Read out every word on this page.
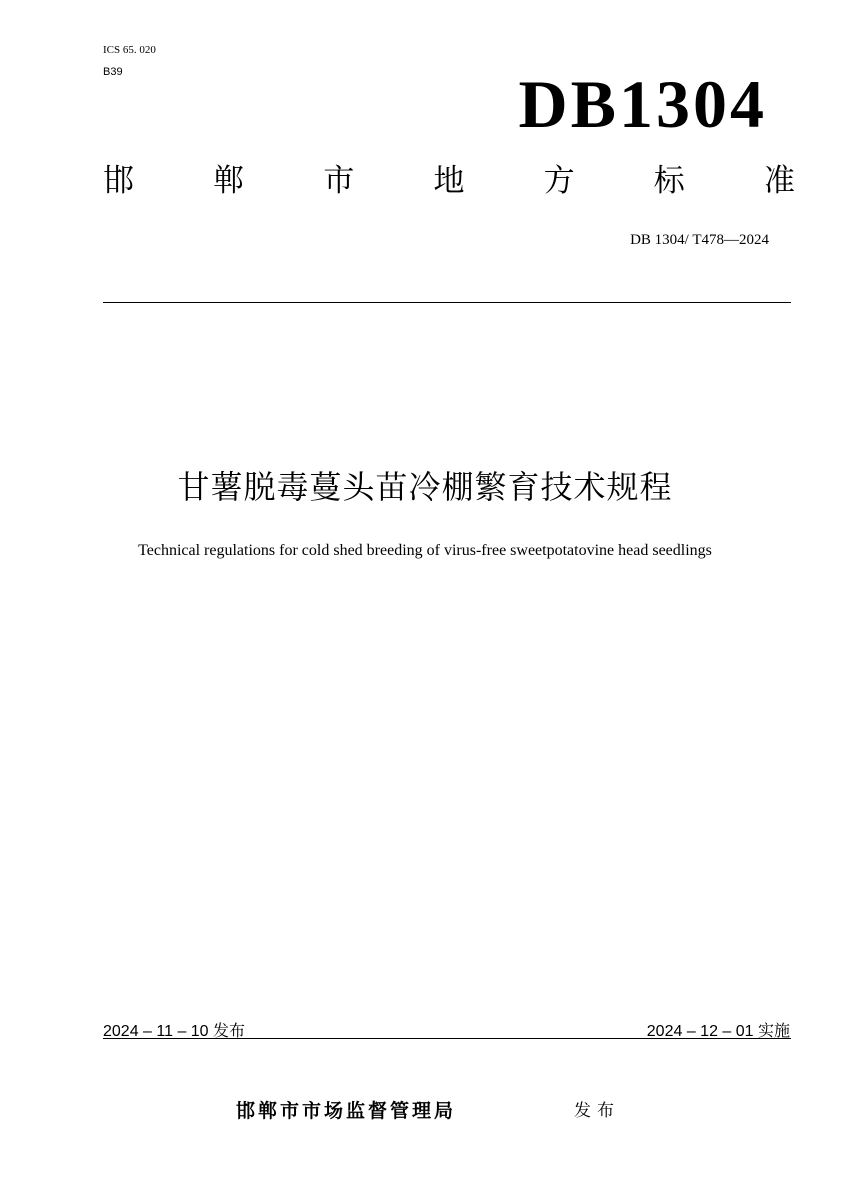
ICS 65. 020
B39	DB1304
邯	郸	市	地	方	标	准
DB 1304/ T478—2024
甘薯脱毒蔓头苗冷棚繁育技术规程
Technical regulations for cold shed breeding of virus-free sweetpotatovine head seedlings
2024 – 11 – 10 发布	2024 – 12 – 01 实施
邯郸市市场监督管理局	发布
